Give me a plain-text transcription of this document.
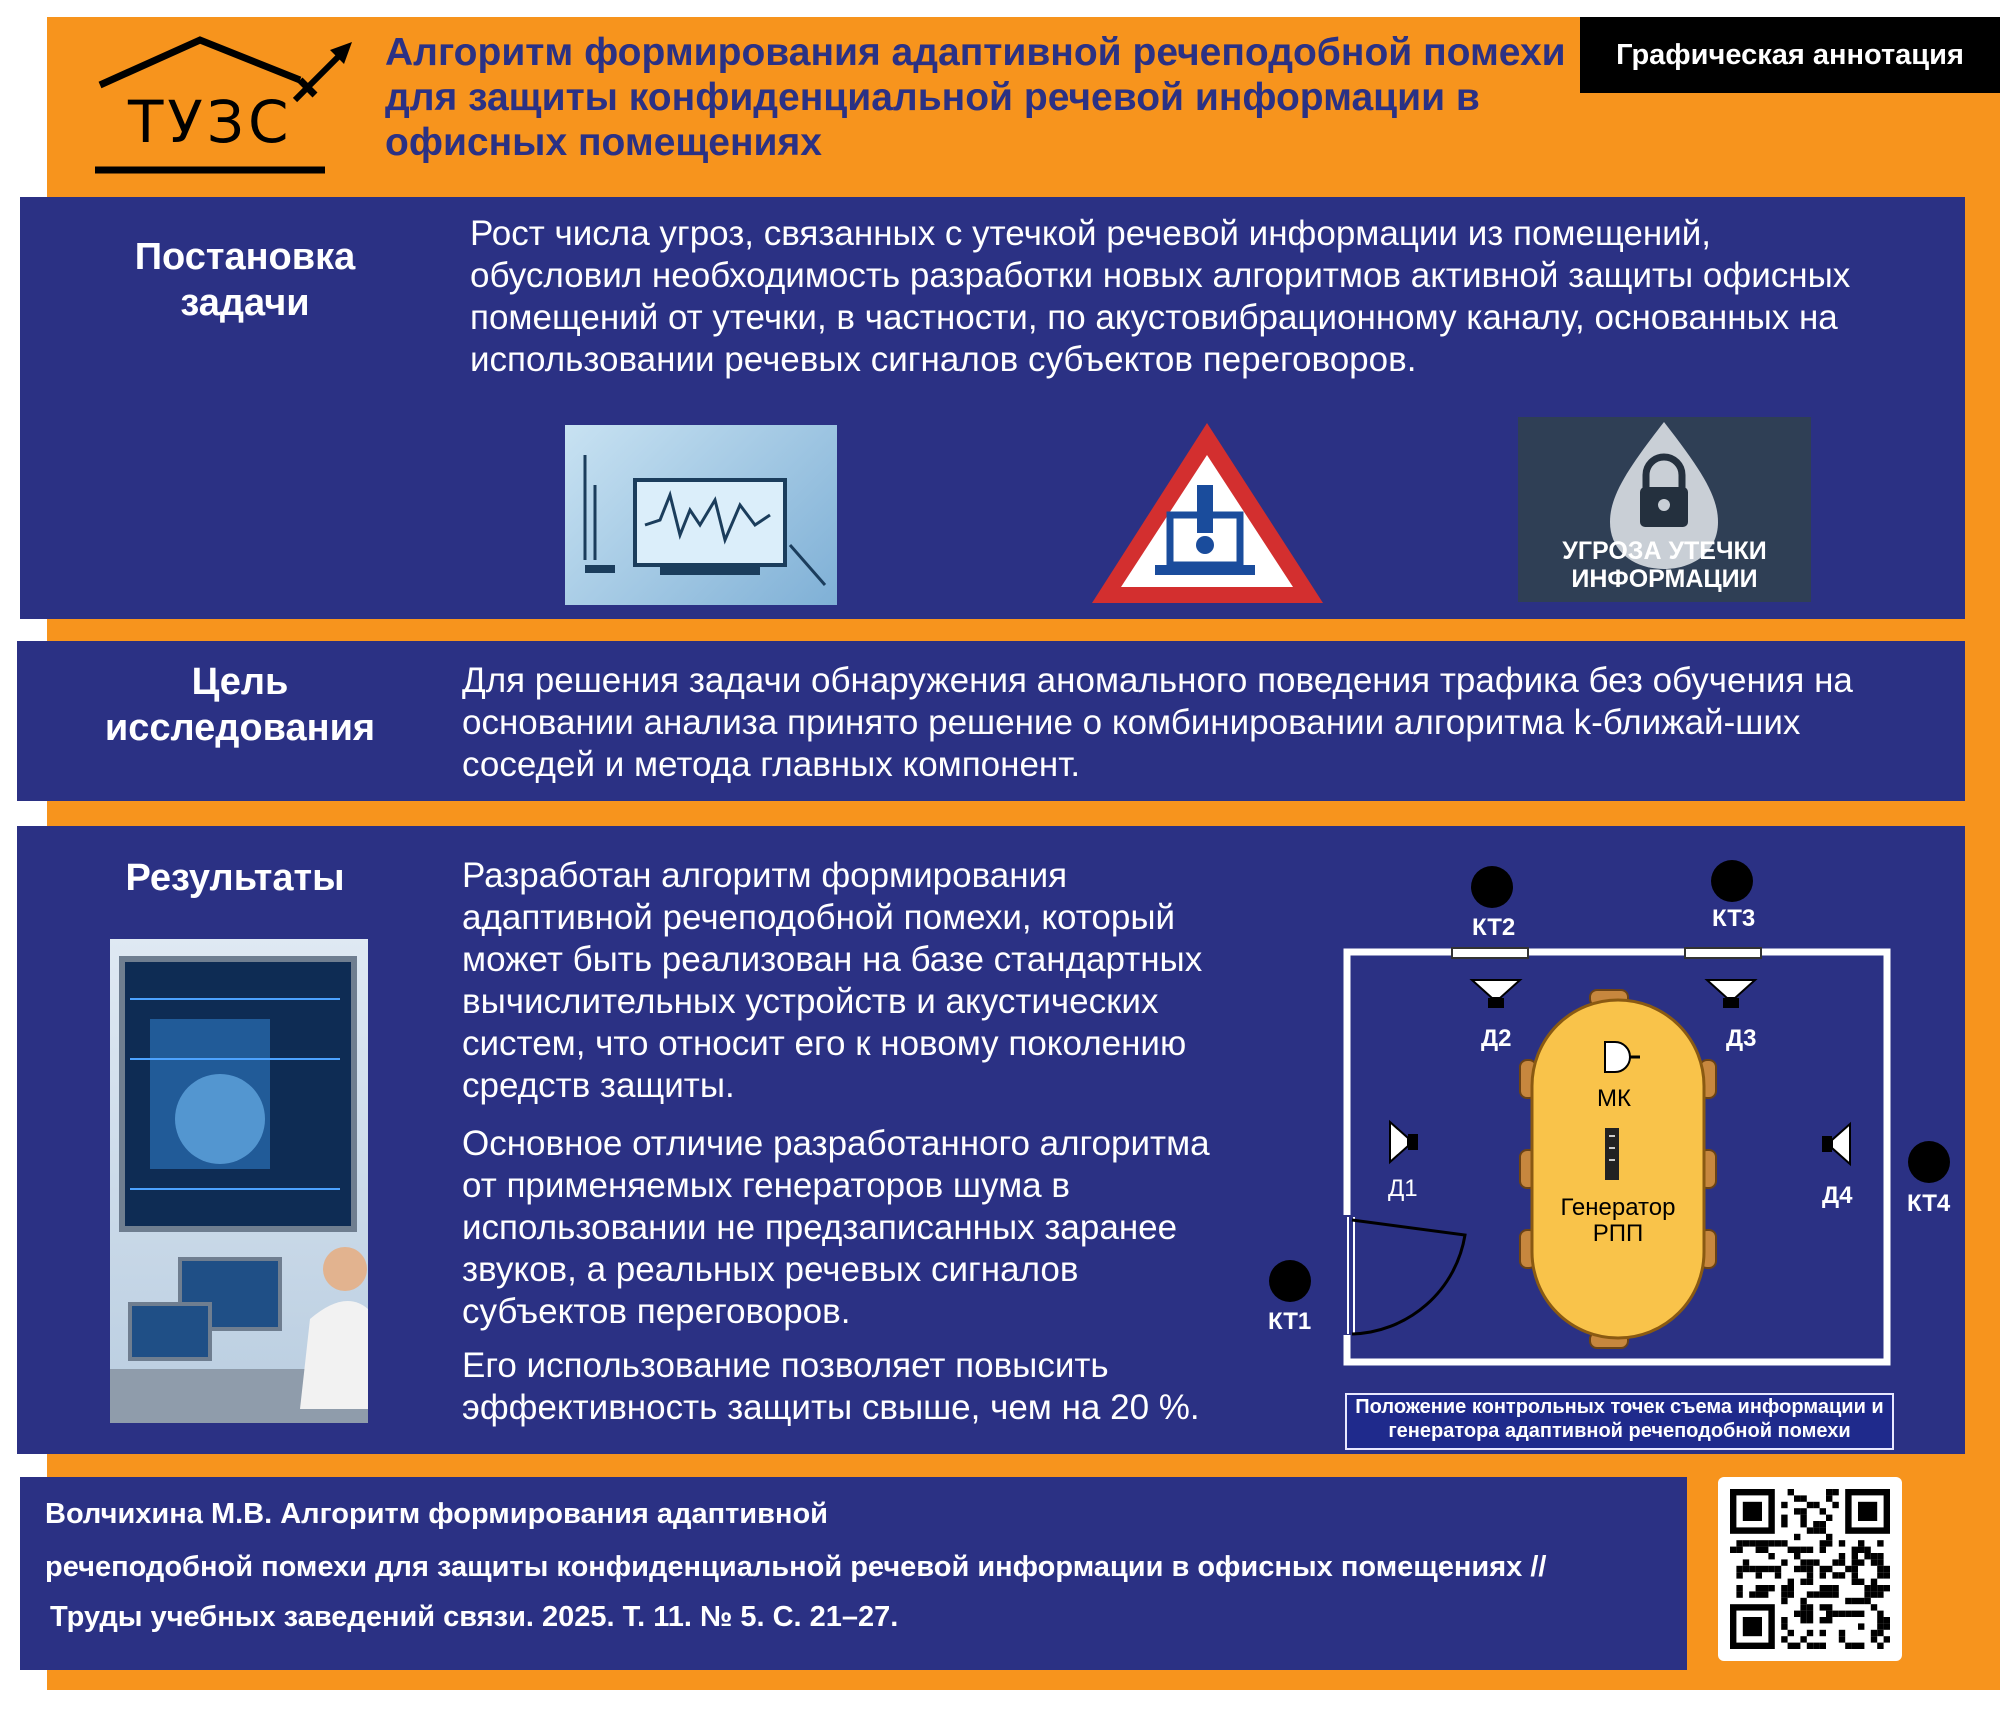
ТУЗС
Алгоритм формирования адаптивной речеподобной помехи для защиты конфиденциальной речевой информации в офисных помещениях
Графическая аннотация
Постановка задачи
Рост числа угроз, связанных с утечкой речевой информации из помещений, обусловил необходимость разработки новых алгоритмов активной защиты офисных помещений от утечки, в частности, по акустовибрационному каналу, основанных на использовании речевых сигналов субъектов переговоров.
УГРОЗА УТЕЧКИ ИНФОРМАЦИИ
Цель исследования
Для решения задачи обнаружения аномального поведения трафика без обучения на основании анализа принято решение о комбинировании алгоритма k-ближай-ших соседей и метода главных компонент.
Результаты	Разработан алгоритм формирования адаптивной речеподобной помехи, который может быть реализован на базе стандартных вычислительных устройств и акустических систем, что относит его к новому поколению средств защиты.
Основное отличие разработанного алгоритма от применяемых генераторов шума в использовании не предзаписанных заранее звуков, а реальных речевых сигналов субъектов переговоров.
Его использование позволяет повысить эффективность защиты свыше, чем на 20 %.
КТ2	КТ3
КТ4
КТ1
Д2	Д3
Д1	Д4
МК
Генератор РПП
Положение контрольных точек съема информации и генератора адаптивной речеподобной помехи
Волчихина М.В. Алгоритм формирования адаптивной
речеподобной помехи для защиты конфиденциальной речевой информации в офисных помещениях //
Труды учебных заведений связи. 2025. Т. 11. № 5. С. 21–27.
